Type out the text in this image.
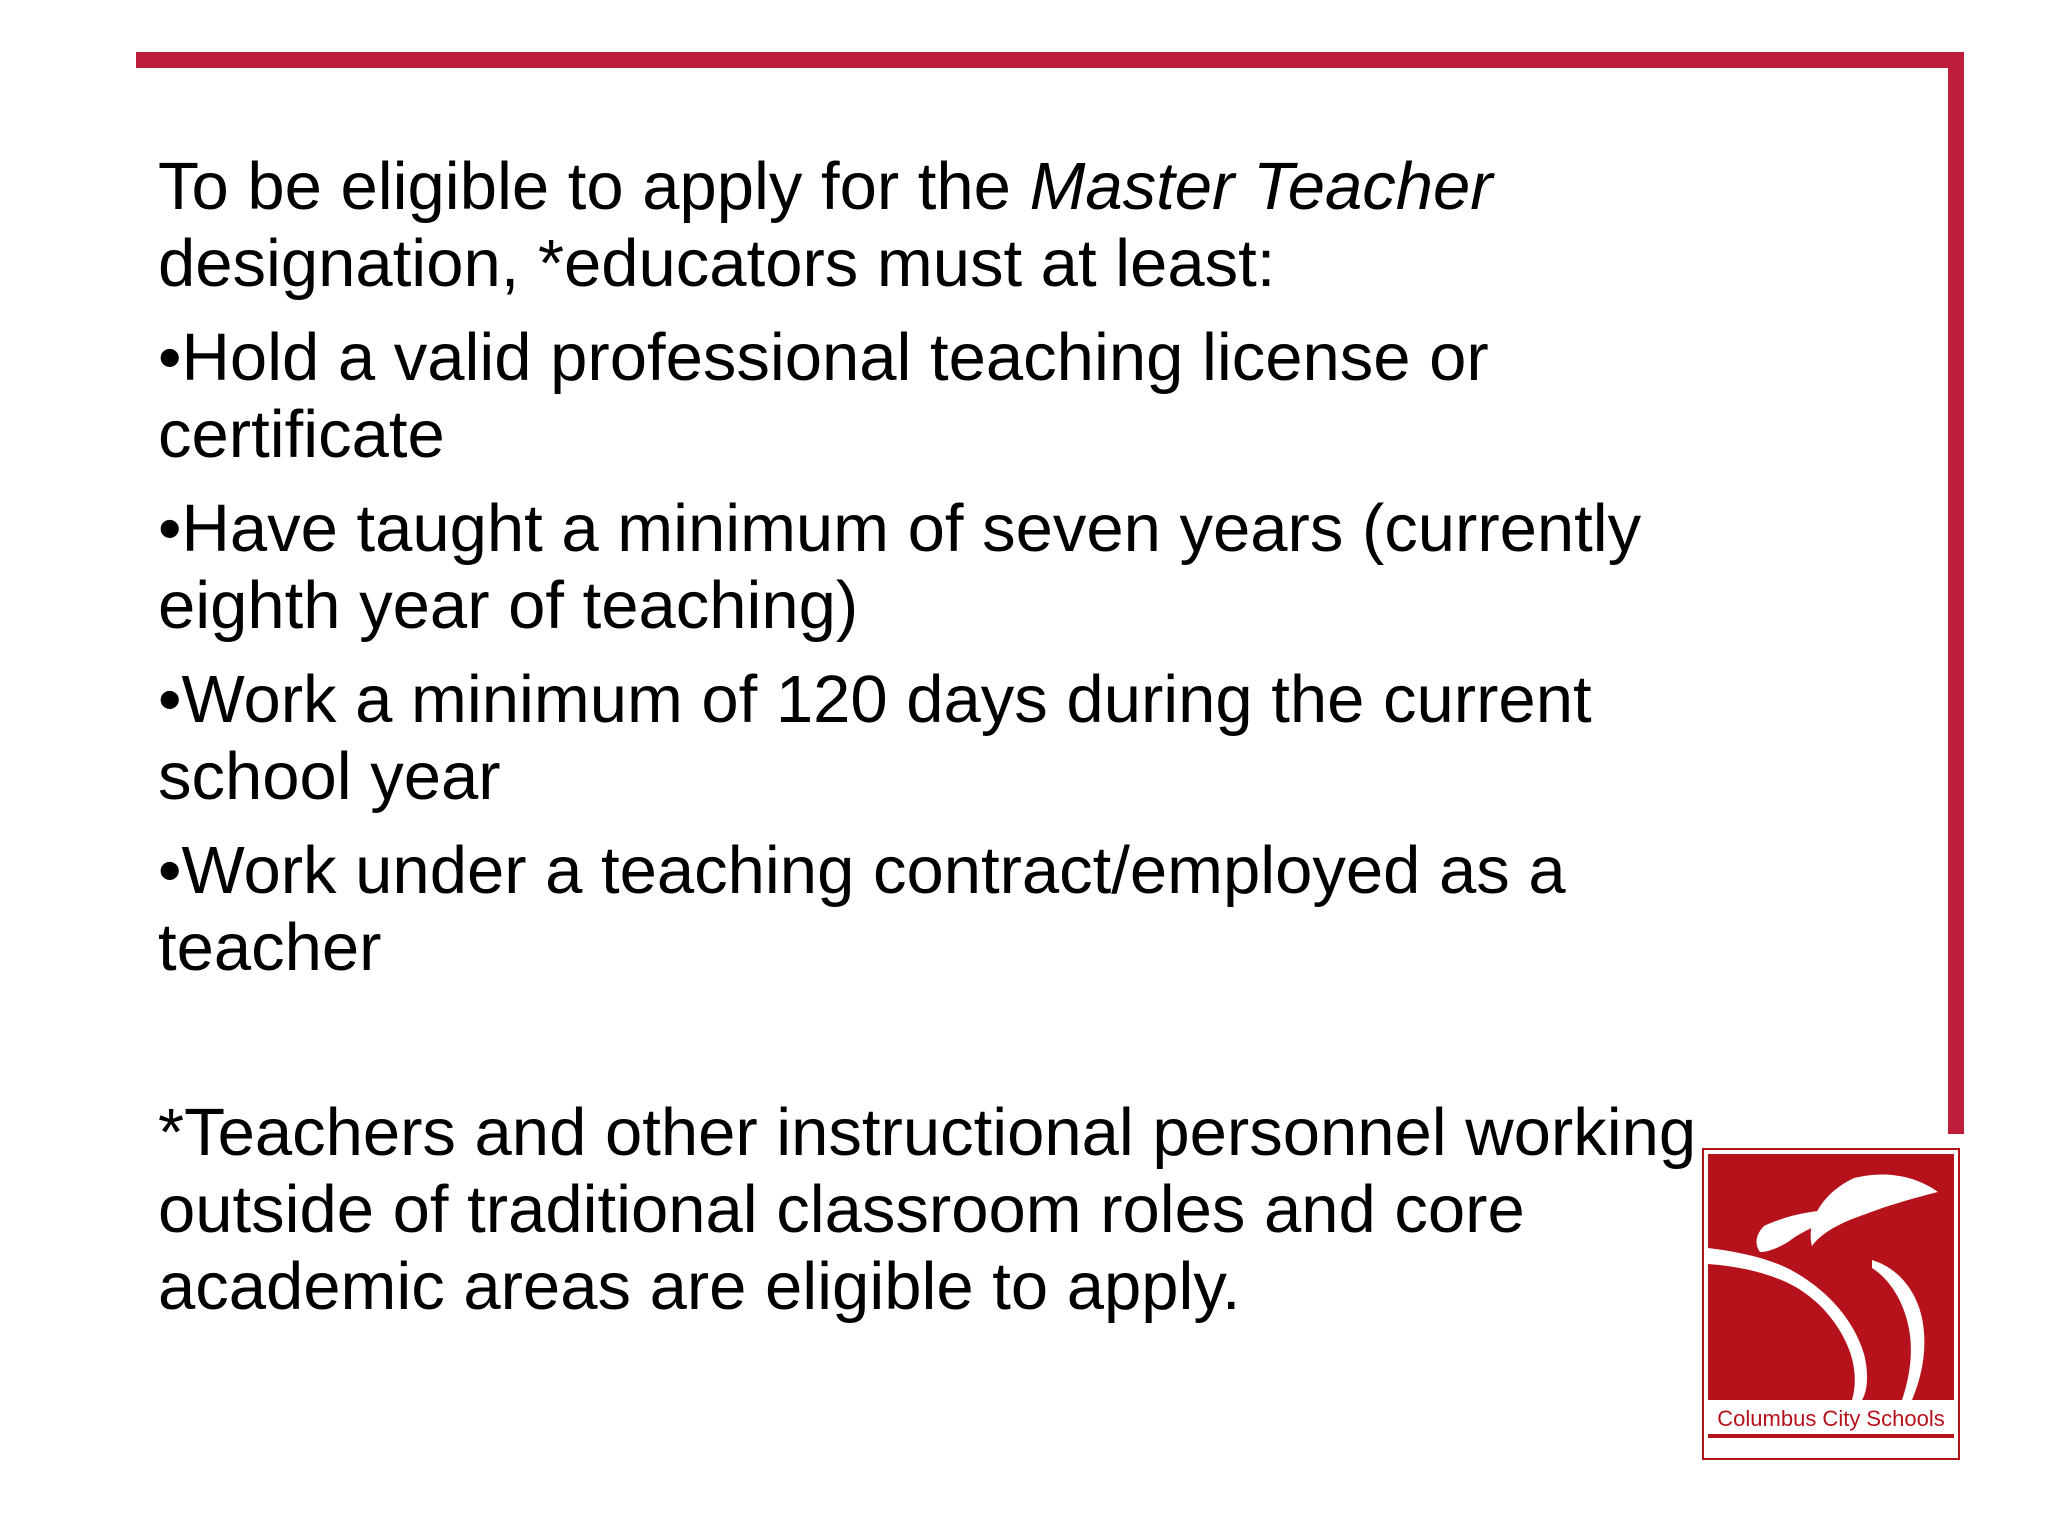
To be eligible to apply for the Master Teacher designation, *educators must at least:

•Hold a valid professional teaching license or certificate

•Have taught a minimum of seven years (currently eighth year of teaching)

•Work a minimum of 120 days during the current school year

•Work under a teaching contract/employed as a teacher

*Teachers and other instructional personnel working outside of traditional classroom roles and core academic areas are eligible to apply.

Columbus City Schools
